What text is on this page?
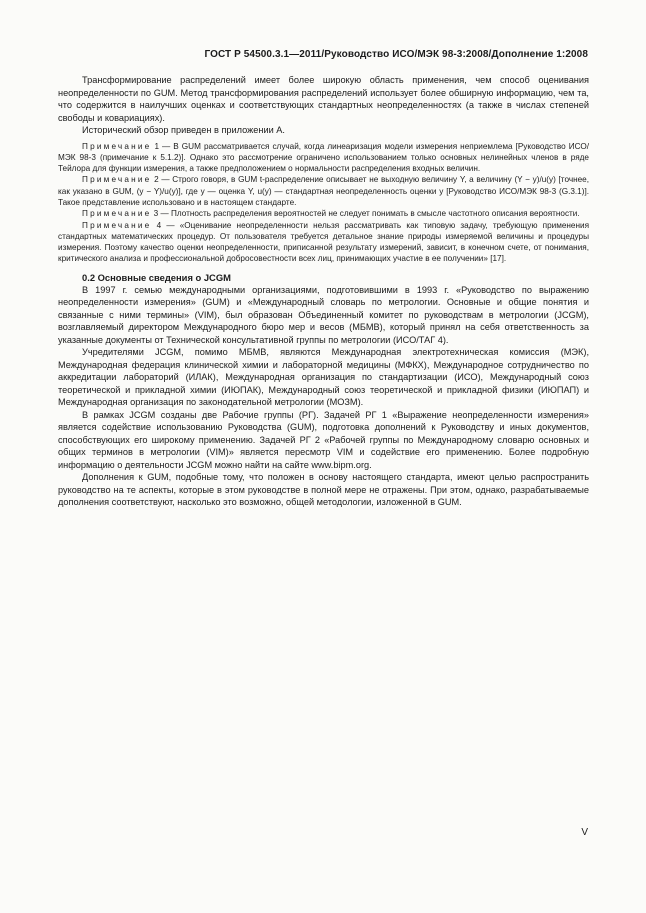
ГОСТ Р 54500.3.1—2011/Руководство ИСО/МЭК 98-3:2008/Дополнение 1:2008

Трансформирование распределений имеет более широкую область применения, чем способ оценивания неопределенности по GUM. Метод трансформирования распределений использует более обширную информацию, чем та, что содержится в наилучших оценках и соответствующих стандартных неопределенностях (а также в числах степеней свободы и ковариациях).

Исторический обзор приведен в приложении А.

Примечание 1 — В GUM рассматривается случай, когда линеаризация модели измерения неприемлема [Руководство ИСО/МЭК 98-3 (примечание к 5.1.2)]. Однако это рассмотрение ограничено использованием только основных нелинейных членов в ряде Тейлора для функции измерения, а также предположением о нормальности распределения входных величин.

Примечание 2 — Строго говоря, в GUM t-распределение описывает не выходную величину Y, а величину (Y − y)/u(y) [точнее, как указано в GUM, (y − Y)/u(y)], где y — оценка Y, u(y) — стандартная неопределенность оценки y [Руководство ИСО/МЭК 98-3 (G.3.1)]. Такое представление использовано и в настоящем стандарте.

Примечание 3 — Плотность распределения вероятностей не следует понимать в смысле частотного описания вероятности.

Примечание 4 — «Оценивание неопределенности нельзя рассматривать как типовую задачу, требующую применения стандартных математических процедур. От пользователя требуется детальное знание природы измеряемой величины и процедуры измерения. Поэтому качество оценки неопределенности, приписанной результату измерений, зависит, в конечном счете, от понимания, критического анализа и профессиональной добросовестности всех лиц, принимающих участие в ее получении» [17].

0.2 Основные сведения о JCGM

В 1997 г. семью международными организациями, подготовившими в 1993 г. «Руководство по выражению неопределенности измерения» (GUM) и «Международный словарь по метрологии. Основные и общие понятия и связанные с ними термины» (VIM), был образован Объединенный комитет по руководствам в метрологии (JCGM), возглавляемый директором Международного бюро мер и весов (МБМВ), который принял на себя ответственность за указанные документы от Технической консультативной группы по метрологии (ИСО/ТАГ 4).

Учредителями JCGM, помимо МБМВ, являются Международная электротехническая комиссия (МЭК), Международная федерация клинической химии и лабораторной медицины (МФКХ), Международное сотрудничество по аккредитации лабораторий (ИЛАК), Международная организация по стандартизации (ИСО), Международный союз теоретической и прикладной химии (ИЮПАК), Международный союз теоретической и прикладной физики (ИЮПАП) и Международная организация по законодательной метрологии (МОЗМ).

В рамках JCGM созданы две Рабочие группы (РГ). Задачей РГ 1 «Выражение неопределенности измерения» является содействие использованию Руководства (GUM), подготовка дополнений к Руководству и иных документов, способствующих его широкому применению. Задачей РГ 2 «Рабочей группы по Международному словарю основных и общих терминов в метрологии (VIM)» является пересмотр VIM и содействие его применению. Более подробную информацию о деятельности JCGM можно найти на сайте www.bipm.org.

Дополнения к GUM, подобные тому, что положен в основу настоящего стандарта, имеют целью распространить руководство на те аспекты, которые в этом руководстве в полной мере не отражены. При этом, однако, разрабатываемые дополнения соответствуют, насколько это возможно, общей методологии, изложенной в GUM.

V
